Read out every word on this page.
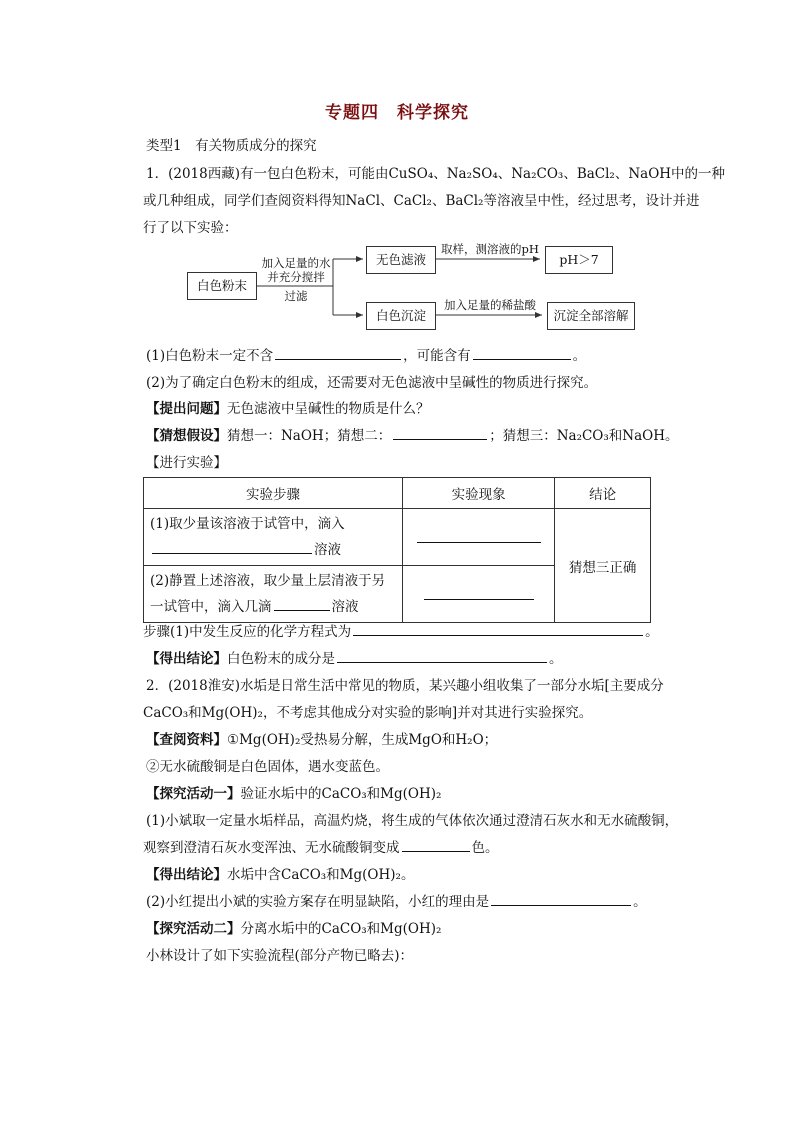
专题四　科学探究
类型1　有关物质成分的探究
1．(2018西藏)有一包白色粉末，可能由CuSO₄、Na₂SO₄、Na₂CO₃、BaCl₂、NaOH中的一种
或几种组成，同学们查阅资料得知NaCl、CaCl₂、BaCl₂等溶液呈中性，经过思考，设计并进
行了以下实验：
白色粉末
加入足量的水
并充分搅拌
过滤
无色滤液
取样，测溶液的pH
pH＞7
白色沉淀
加入足量的稀盐酸
沉淀全部溶解
(1)白色粉末一定不含	，可能含有	。
(2)为了确定白色粉末的组成，还需要对无色滤液中呈碱性的物质进行探究。
【提出问题】无色滤液中呈碱性的物质是什么？
【猜想假设】猜想一：NaOH；猜想二：	；猜想三：Na₂CO₃和NaOH。
【进行实验】
实验步骤	实验现象	结论

(1)取少量该溶液于试管中，滴入
溶液		猜想三正确

(2)静置上述溶液，取少量上层清液于另
一试管中，滴入几滴 溶液		

步骤(1)中发生反应的化学方程式为	。
【得出结论】白色粉末的成分是	。
2．(2018淮安)水垢是日常生活中常见的物质，某兴趣小组收集了一部分水垢[主要成分
CaCO₃和Mg(OH)₂，不考虑其他成分对实验的影响]并对其进行实验探究。
【查阅资料】①Mg(OH)₂受热易分解，生成MgO和H₂O；
②无水硫酸铜是白色固体，遇水变蓝色。
【探究活动一】验证水垢中的CaCO₃和Mg(OH)₂
(1)小斌取一定量水垢样品，高温灼烧，将生成的气体依次通过澄清石灰水和无水硫酸铜，
观察到澄清石灰水变浑浊、无水硫酸铜变成	色。
【得出结论】水垢中含CaCO₃和Mg(OH)₂。
(2)小红提出小斌的实验方案存在明显缺陷，小红的理由是	。
【探究活动二】分离水垢中的CaCO₃和Mg(OH)₂
小林设计了如下实验流程(部分产物已略去)：
